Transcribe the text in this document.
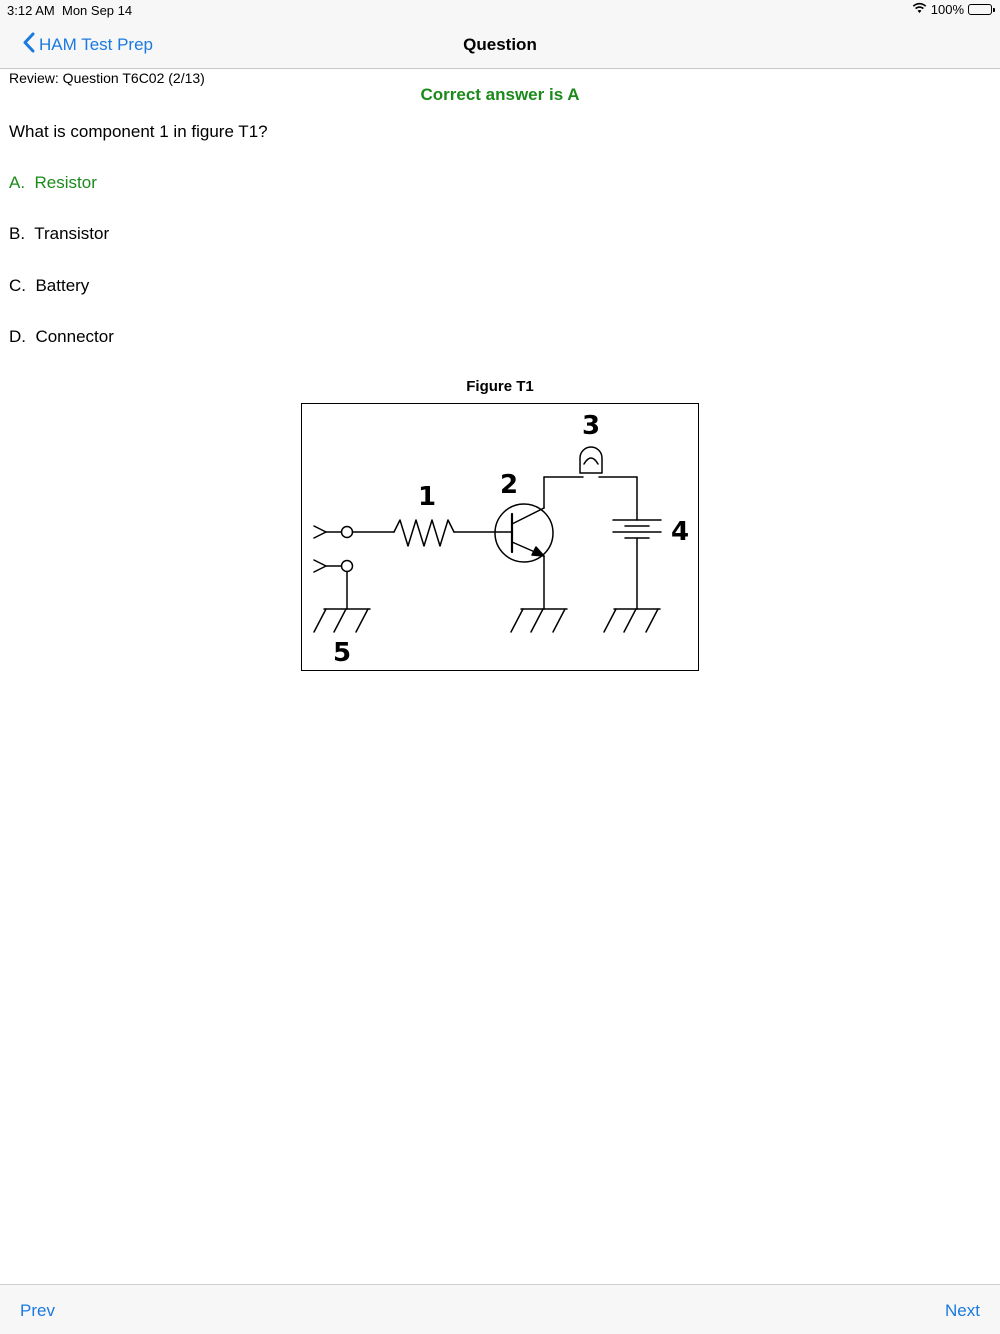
3:12 AM Mon Sep 14	100%
HAM Test Prep	Question
Review: Question T6C02 (2/13)
Correct answer is A
What is component 1 in figure T1?
A. Resistor
B. Transistor
C. Battery
D. Connector
Figure T1
1 2
3
4
5
Prev	Next
